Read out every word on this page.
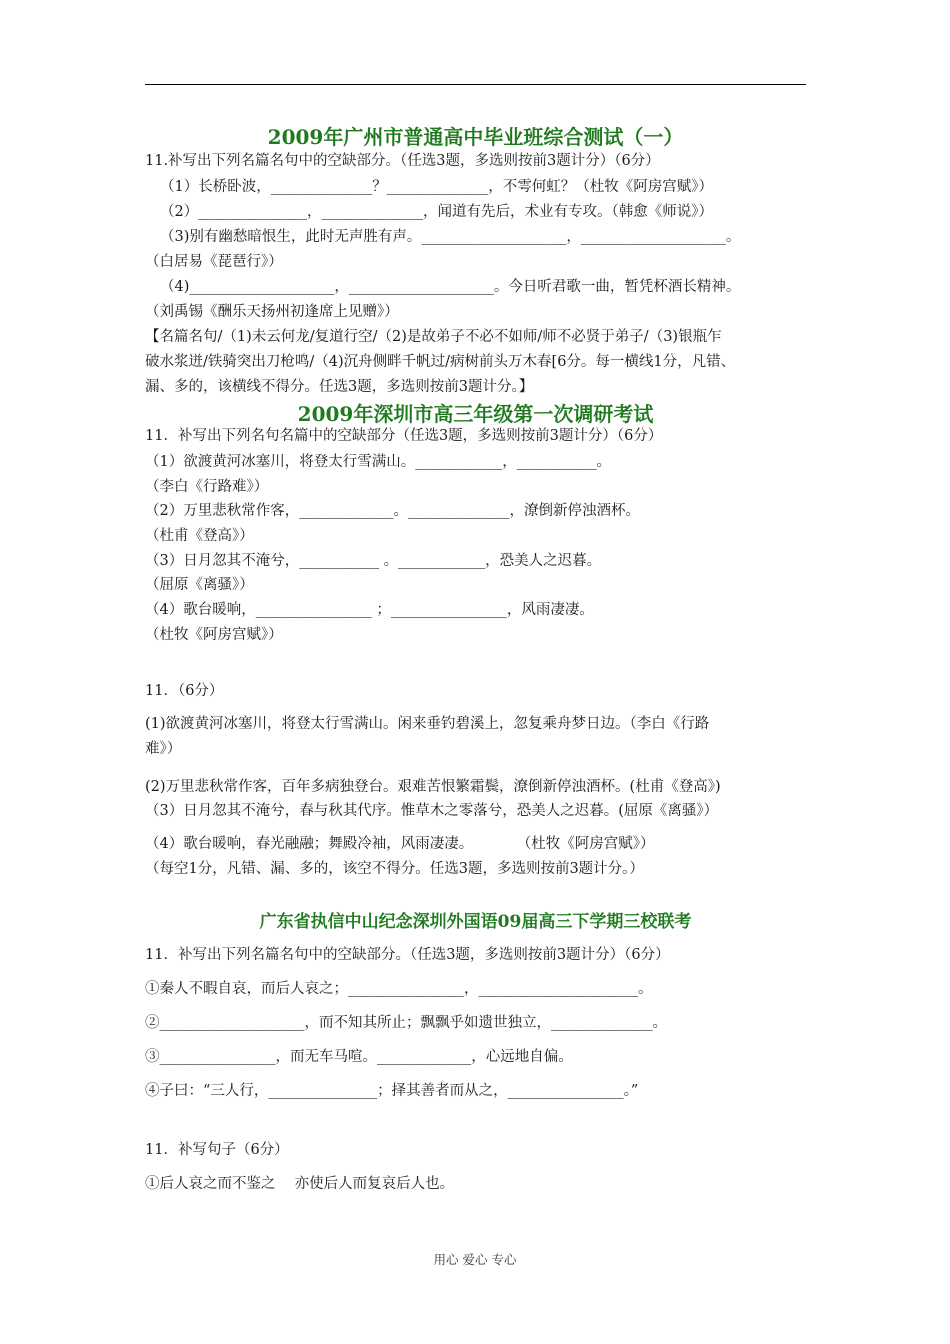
2009年广州市普通高中毕业班综合测试（一）
11.补写出下列名篇名句中的空缺部分。（任选3题，多选则按前3题计分）（6分）
（1）长桥卧波，______________？______________，不雩何虹？（杜牧《阿房宫赋》）
（2）_______________，______________，闻道有先后，术业有专攻。（韩愈《师说》）
（3)别有幽愁暗恨生，此时无声胜有声。____________________，____________________。
（白居易《琵琶行》）
（4)____________________，____________________。今日听君歌一曲，暂凭杯酒长精神。
（刘禹锡《酬乐天扬州初逢席上见赠》）
【名篇名句/（1)未云何龙/复道行空/（2)是故弟子不必不如师/师不必贤于弟子/（3)银瓶乍
破水浆迸/铁骑突出刀枪鸣/（4)沉舟侧畔千帆过/病树前头万木春[6分。每一横线1分，凡错、
漏、多的，该横线不得分。任选3题，多选则按前3题计分。】
2009年深圳市高三年级第一次调研考试
11．补写出下列名句名篇中的空缺部分（任选3题，多选则按前3题计分）（6分）
（1）欲渡黄河冰塞川，将登太行雪满山。____________，___________。
（李白《行路难》）
（2）万里悲秋常作客，_____________。______________，潦倒新停浊酒杯。
（杜甫《登高》）
（3）日月忽其不淹兮，___________ 。____________，恐美人之迟暮。
（屈原《离骚》）
（4）歌台暖响，________________ ；________________，风雨凄凄。
（杜牧《阿房宫赋》）
11．（6分）
(1)欲渡黄河冰塞川，将登太行雪满山。闲来垂钓碧溪上，忽复乘舟梦日边。（李白《行路
难》）
(2)万里悲秋常作客，百年多病独登台。艰难苦恨繁霜鬓，潦倒新停浊酒杯。(杜甫《登高》)
（3）日月忽其不淹兮，春与秋其代序。惟草木之零落兮，恐美人之迟暮。(屈原《离骚》）
（4）歌台暖响，春光融融；舞殿冷袖，风雨凄凄。　　　　（杜牧《阿房宫赋》）
（每空1分，凡错、漏、多的，该空不得分。任选3题，多选则按前3题计分。）
广东省执信中山纪念深圳外国语09届高三下学期三校联考
11．补写出下列名篇名句中的空缺部分。（任选3题，多选则按前3题计分）（6分）
①秦人不暇自哀，而后人哀之；________________，______________________。
②____________________，而不知其所止；飘飘乎如遗世独立，______________。
③________________，而无车马喧。_____________，心远地自偏。
④子曰：“三人行，_______________；择其善者而从之，________________。”
11．补写句子（6分）
①后人哀之而不鉴之　 亦使后人而复哀后人也。
用心 爱心 专心
